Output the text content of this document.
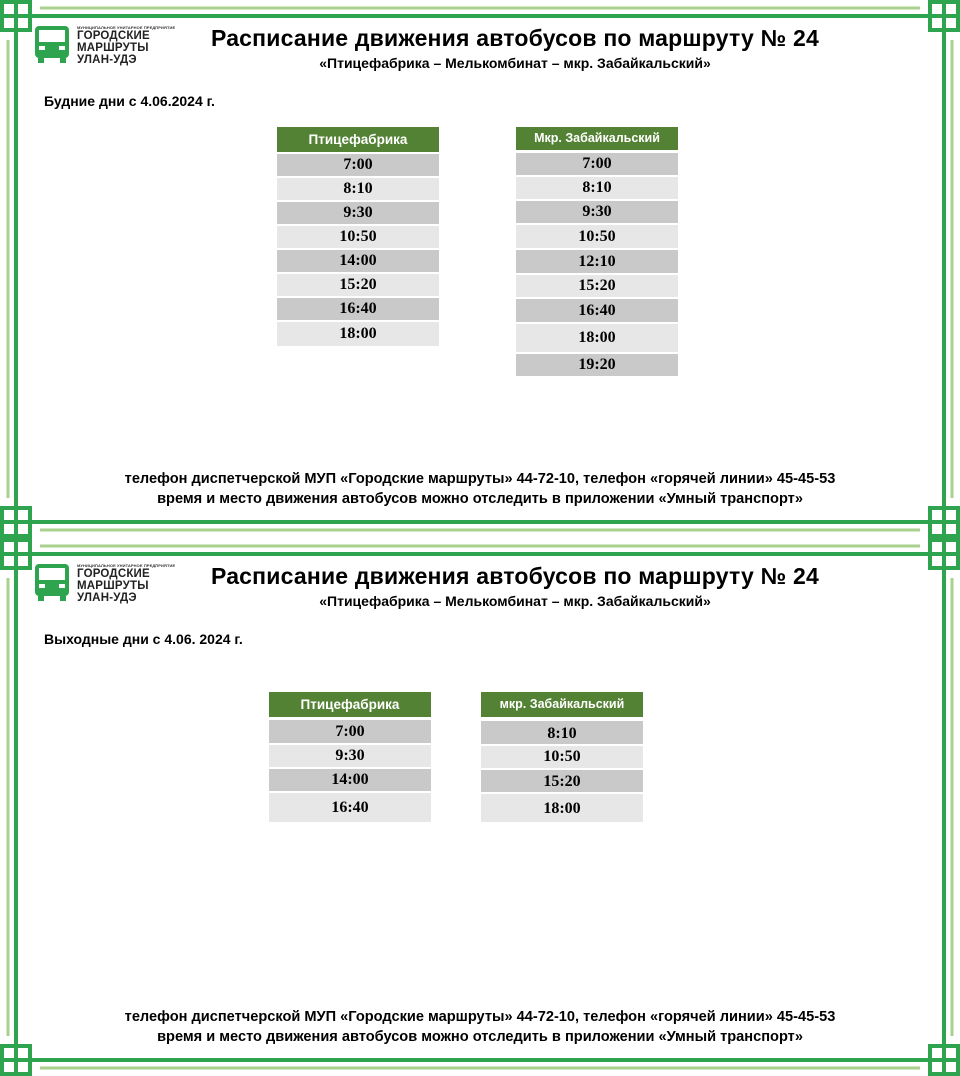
МУНИЦИПАЛЬНОЕ УНИТАРНОЕ ПРЕДПРИЯТИЕ
ГОРОДСКИЕ
МАРШРУТЫ
УЛАН-УДЭ
Расписание движения автобусов по маршруту № 24
«Птицефабрика – Мелькомбинат – мкр. Забайкальский»
Будние дни с 4.06.2024 г.
Птицефабрика
7:00
8:10
9:30
10:50
14:00
15:20
16:40
18:00
Мкр. Забайкальский
7:00
8:10
9:30
10:50
12:10
15:20
16:40
18:00
19:20
телефон диспетчерской МУП «Городские маршруты» 44-72-10, телефон «горячей линии» 45-45-53
время и место движения автобусов можно отследить в приложении «Умный транспорт»
МУНИЦИПАЛЬНОЕ УНИТАРНОЕ ПРЕДПРИЯТИЕ
ГОРОДСКИЕ
МАРШРУТЫ
УЛАН-УДЭ
Расписание движения автобусов по маршруту № 24
«Птицефабрика – Мелькомбинат – мкр. Забайкальский»
Выходные дни с 4.06. 2024 г.
Птицефабрика
7:00
9:30
14:00
16:40
мкр. Забайкальский
8:10
10:50
15:20
18:00
телефон диспетчерской МУП «Городские маршруты» 44-72-10, телефон «горячей линии» 45-45-53
время и место движения автобусов можно отследить в приложении «Умный транспорт»
